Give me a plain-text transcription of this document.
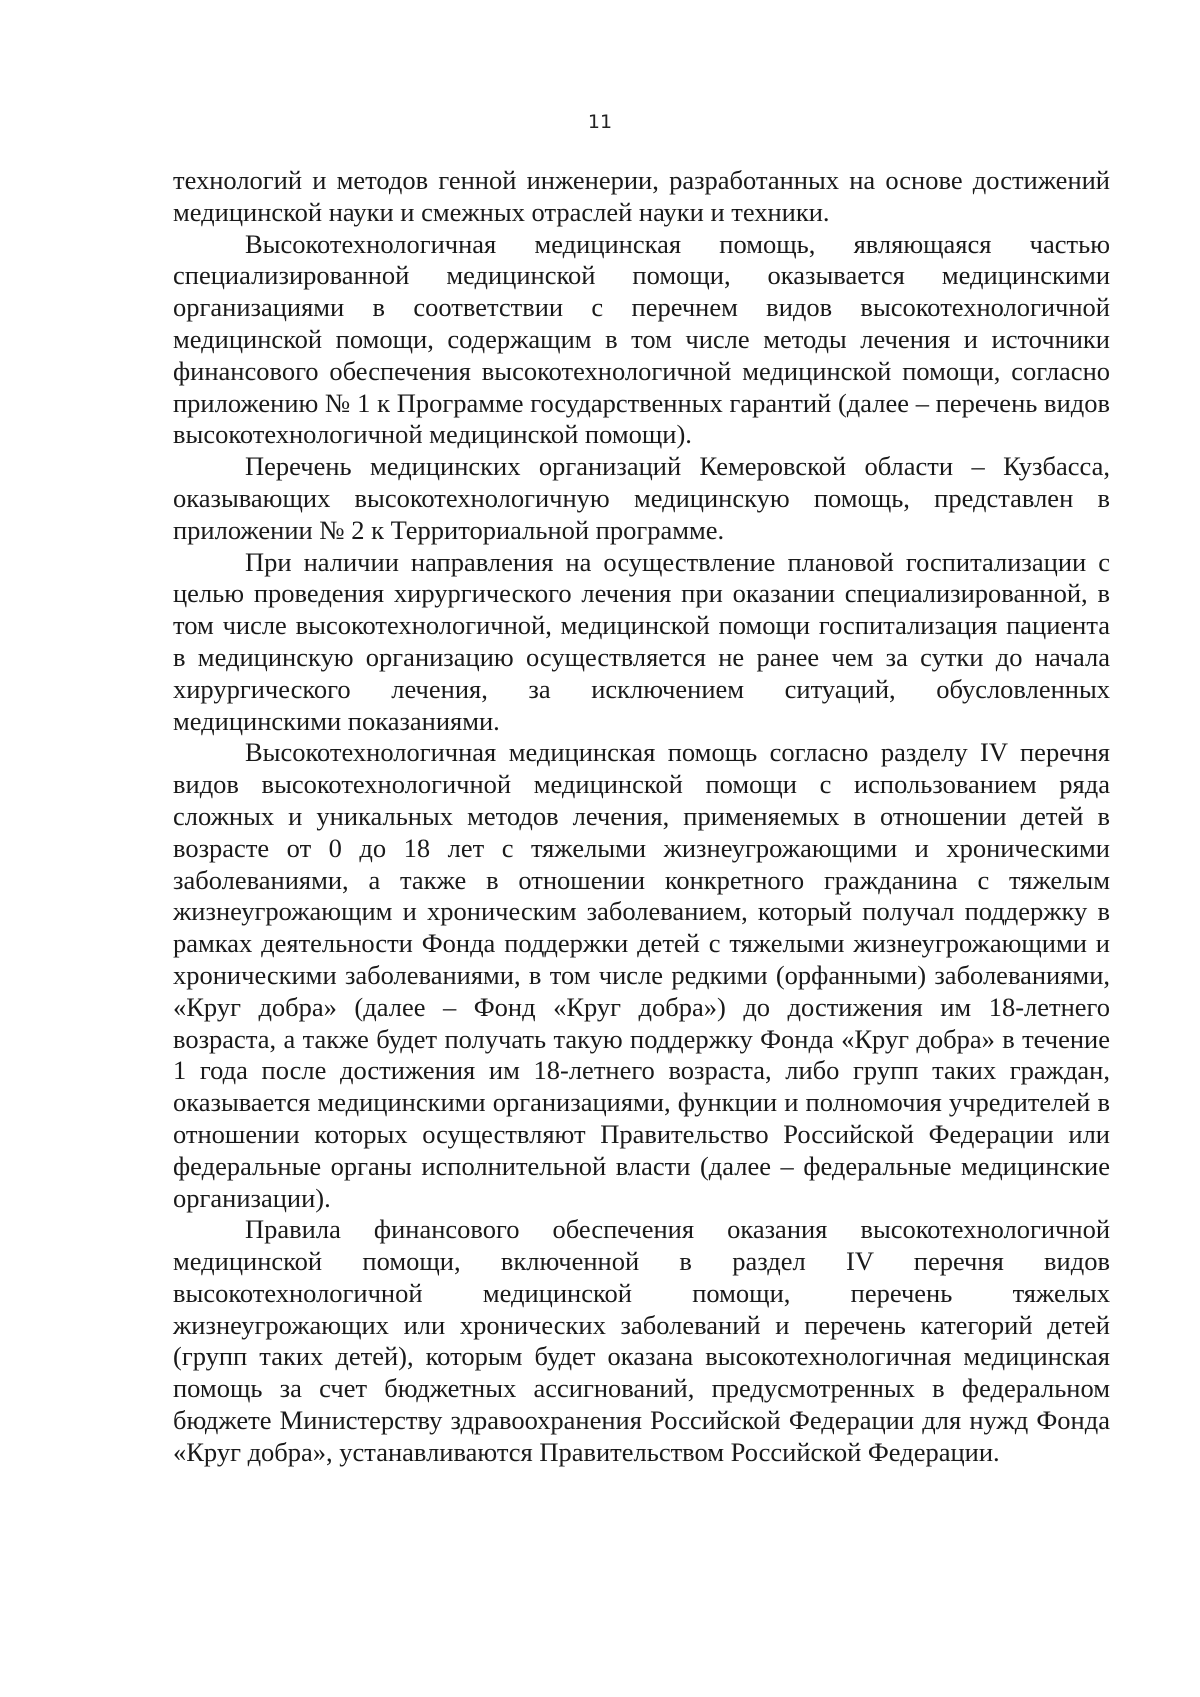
11

технологий и методов генной инженерии, разработанных на основе достижений медицинской науки и смежных отраслей науки и техники.

Высокотехнологичная медицинская помощь, являющаяся частью специализированной медицинской помощи, оказывается медицинскими организациями в соответствии с перечнем видов высокотехнологичной медицинской помощи, содержащим в том числе методы лечения и источники финансового обеспечения высокотехнологичной медицинской помощи, согласно приложению № 1 к Программе государственных гарантий (далее – перечень видов высокотехнологичной медицинской помощи).

Перечень медицинских организаций Кемеровской области – Кузбасса, оказывающих высокотехнологичную медицинскую помощь, представлен в приложении № 2 к Территориальной программе.

При наличии направления на осуществление плановой госпитализации с целью проведения хирургического лечения при оказании специализированной, в том числе высокотехнологичной, медицинской помощи госпитализация пациента в медицинскую организацию осуществляется не ранее чем за сутки до начала хирургического лечения, за исключением ситуаций, обусловленных медицинскими показаниями.

Высокотехнологичная медицинская помощь согласно разделу IV перечня видов высокотехнологичной медицинской помощи с использованием ряда сложных и уникальных методов лечения, применяемых в отношении детей в возрасте от 0 до 18 лет с тяжелыми жизнеугрожающими и хроническими заболеваниями, а также в отношении конкретного гражданина с тяжелым жизнеугрожающим и хроническим заболеванием, который получал поддержку в рамках деятельности Фонда поддержки детей с тяжелыми жизнеугрожающими и хроническими заболеваниями, в том числе редкими (орфанными) заболеваниями, «Круг добра» (далее – Фонд «Круг добра») до достижения им 18-летнего возраста, а также будет получать такую поддержку Фонда «Круг добра» в течение 1 года после достижения им 18-летнего возраста, либо групп таких граждан, оказывается медицинскими организациями, функции и полномочия учредителей в отношении которых осуществляют Правительство Российской Федерации или федеральные органы исполнительной власти (далее – федеральные медицинские организации).

Правила финансового обеспечения оказания высокотехнологичной медицинской помощи, включенной в раздел IV перечня видов высокотехнологичной медицинской помощи, перечень тяжелых жизнеугрожающих или хронических заболеваний и перечень категорий детей (групп таких детей), которым будет оказана высокотехнологичная медицинская помощь за счет бюджетных ассигнований, предусмотренных в федеральном бюджете Министерству здравоохранения Российской Федерации для нужд Фонда «Круг добра», устанавливаются Правительством Российской Федерации.
